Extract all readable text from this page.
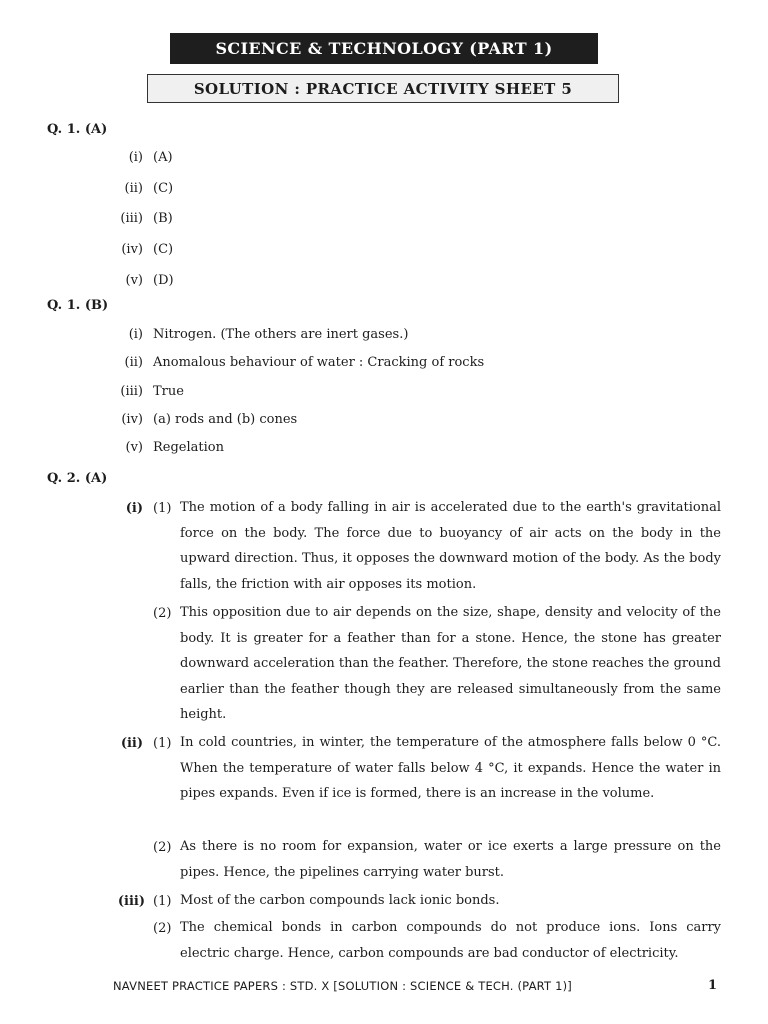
SCIENCE & TECHNOLOGY (PART 1)
SOLUTION : PRACTICE ACTIVITY SHEET 5
Q. 1. (A)
(i) (A)
(ii) (C)
(iii) (B)
(iv) (C)
(v) (D)
Q. 1. (B)
(i) Nitrogen. (The others are inert gases.)
(ii) Anomalous behaviour of water : Cracking of rocks
(iii) True
(iv) (a) rods and (b) cones
(v) Regelation
Q. 2. (A)
(i) (1) The motion of a body falling in air is accelerated due to the earth's gravitational force on the body. The force due to buoyancy of air acts on the body in the upward direction. Thus, it opposes the downward motion of the body. As the body falls, the friction with air opposes its motion.
(2) This opposition due to air depends on the size, shape, density and velocity of the body. It is greater for a feather than for a stone. Hence, the stone has greater downward acceleration than the feather. Therefore, the stone reaches the ground earlier than the feather though they are released simultaneously from the same height.
(ii) (1) In cold countries, in winter, the temperature of the atmosphere falls below 0 °C. When the temperature of water falls below 4 °C, it expands. Hence the water in pipes expands. Even if ice is formed, there is an increase in the volume.
(2) As there is no room for expansion, water or ice exerts a large pressure on the pipes. Hence, the pipelines carrying water burst.
(iii) (1) Most of the carbon compounds lack ionic bonds.
(2) The chemical bonds in carbon compounds do not produce ions. Ions carry electric charge. Hence, carbon compounds are bad conductor of electricity.
NAVNEET PRACTICE PAPERS : STD. X [SOLUTION : SCIENCE & TECH. (PART 1)]	1
